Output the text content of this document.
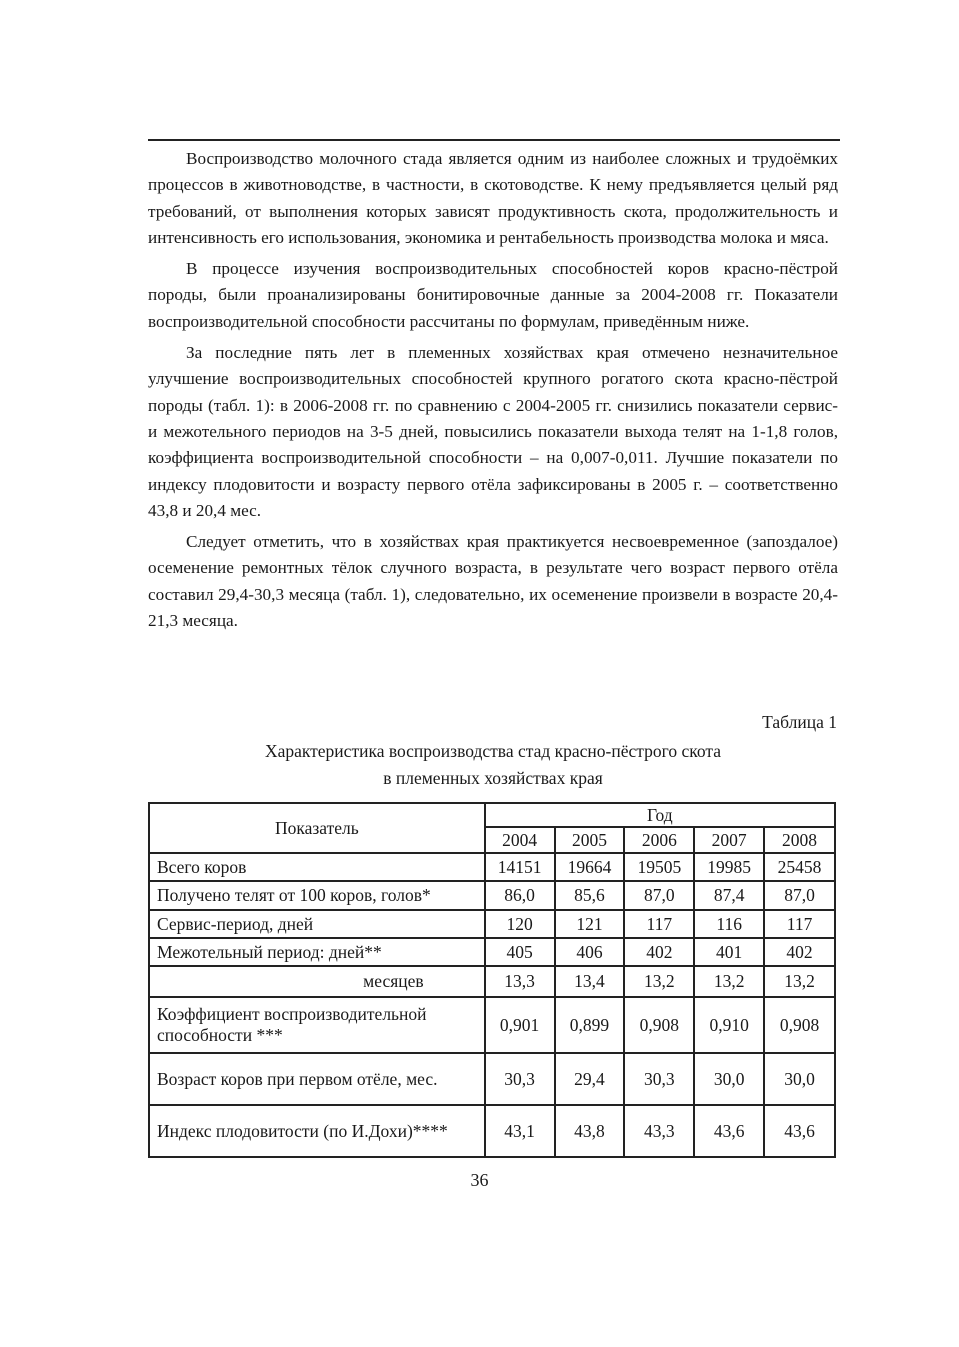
Воспроизводство молочного стада является одним из наиболее сложных и трудоёмких процессов в животноводстве, в частности, в скотоводстве. К нему предъявляется целый ряд требований, от выполнения которых зависят продуктивность скота, продолжительность и интенсивность его использования, экономика и рентабельность производства молока и мяса.

В процессе изучения воспроизводительных способностей коров красно-пёстрой породы, были проанализированы бонитировочные данные за 2004-2008 гг. Показатели воспроизводительной способности рассчитаны по формулам, приведённым ниже.

За последние пять лет в племенных хозяйствах края отмечено незначительное улучшение воспроизводительных способностей крупного рогатого скота красно-пёстрой породы (табл. 1): в 2006-2008 гг. по сравнению с 2004-2005 гг. снизились показатели сервис- и межотельного периодов на 3-5 дней, повысились показатели выхода телят на 1-1,8 голов, коэффициента воспроизводительной способности – на 0,007-0,011. Лучшие показатели по индексу плодовитости и возрасту первого отёла зафиксированы в 2005 г. – соответственно 43,8 и 20,4 мес.

Следует отметить, что в хозяйствах края практикуется несвоевременное (запоздалое) осеменение ремонтных тёлок случного возраста, в результате чего возраст первого отёла составил 29,4-30,3 месяца (табл. 1), следовательно, их осеменение произвели в возрасте 20,4-21,3 месяца.

Таблица 1
Характеристика воспроизводства стад красно-пёстрого скота
в племенных хозяйствах края
Показатель	Год				
	2004	2005	2006	2007	2008
Всего коров	14151	19664	19505	19985	25458
Получено телят от 100 коров, голов*	86,0	85,6	87,0	87,4	87,0
Сервис-период, дней	120	121	117	116	117
Межотельный период: дней**	405	406	402	401	402
месяцев	13,3	13,4	13,2	13,2	13,2
Коэффициент воспроизводительной способности ***	0,901	0,899	0,908	0,910	0,908
Возраст коров при первом отёле, мес.	30,3	29,4	30,3	30,0	30,0
Индекс плодовитости (по И.Дохи)****	43,1	43,8	43,3	43,6	43,6
36
